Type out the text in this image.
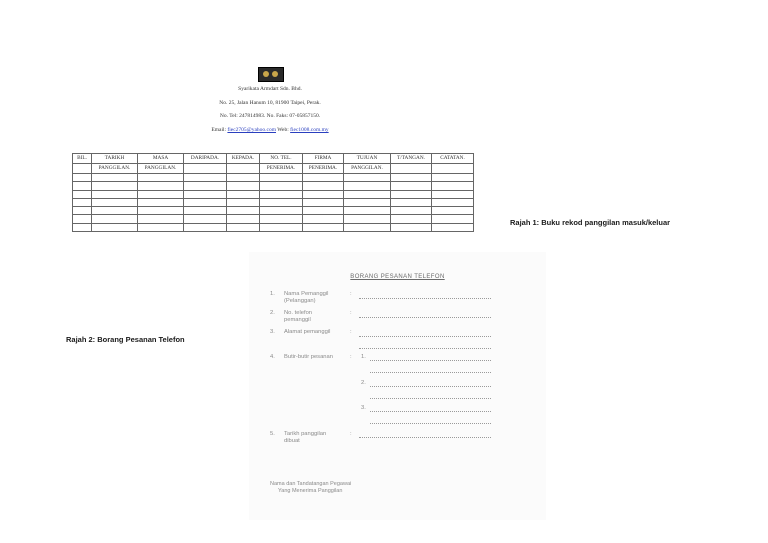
Syarikata Armdart Sdn. Bhd.
No. 25, Jalan Hanum 10, 81900 Taipei, Perak.
No. Tel: 247814983. No. Faks: 07-05857150.
Email: fiec2705@yahoo.com Web: fiec1008.com.my
BIL.	TARIKH	MASA	DARIPADA.	KEPADA.	NO. TEL.	FIRMA	TUJUAN	T/TANGAN.	CATATAN.
	PANGGILAN.	PANGGILAN.			PENERIMA.	PENERIMA.	PANGGILAN.		

Rajah 1: Buku rekod panggilan masuk/keluar
Rajah 2: Borang Pesanan Telefon
BORANG PESANAN TELEFON
1. Nama Pemanggil
(Pelanggan)
:
2. No. telefon
pemanggil
:
3. Alamat pemanggil	:
4. Butir-butir pesanan	: 1.
2.
3.
5. Tarikh panggilan
dibuat
:
Nama dan Tandatangan Pegawai
Yang Menerima Panggilan
